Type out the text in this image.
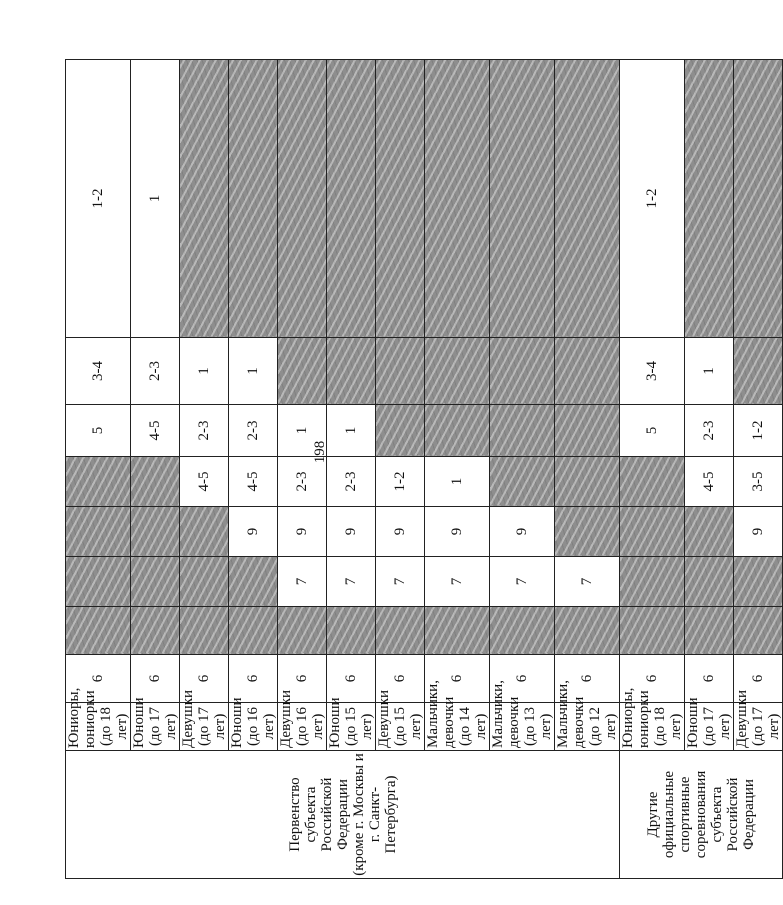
198
Первенство субъекта Российской Федерации (кроме г. Москвы и г. Санкт-Петербурга)	Юниоры, юниорки (до 18 лет)	6					5	3-4	1-2

	Юноши (до 17 лет)	6					4-5	2-3	1

	Девушки (до 17 лет)	6				4-5	2-3	1	

	Юноши (до 16 лет)	6			9	4-5	2-3	1	

	Девушки (до 16 лет)	6		7	9	2-3	1		

	Юноши (до 15 лет)	6		7	9	2-3	1		

	Девушки (до 15 лет)	6		7	9	1-2			

	Мальчики, девочки (до 14 лет)	6		7	9	1			

	Мальчики, девочки (до 13 лет)	6		7	9				

	Мальчики, девочки (до 12 лет)	6		7					

Другие официальные спортивные соревнования субъекта Российской Федерации	Юниоры, юниорки (до 18 лет)	6					5	3-4	1-2

	Юноши (до 17 лет)	6				4-5	2-3	1	

	Девушки (до 17 лет)	6			9	3-5	1-2		
